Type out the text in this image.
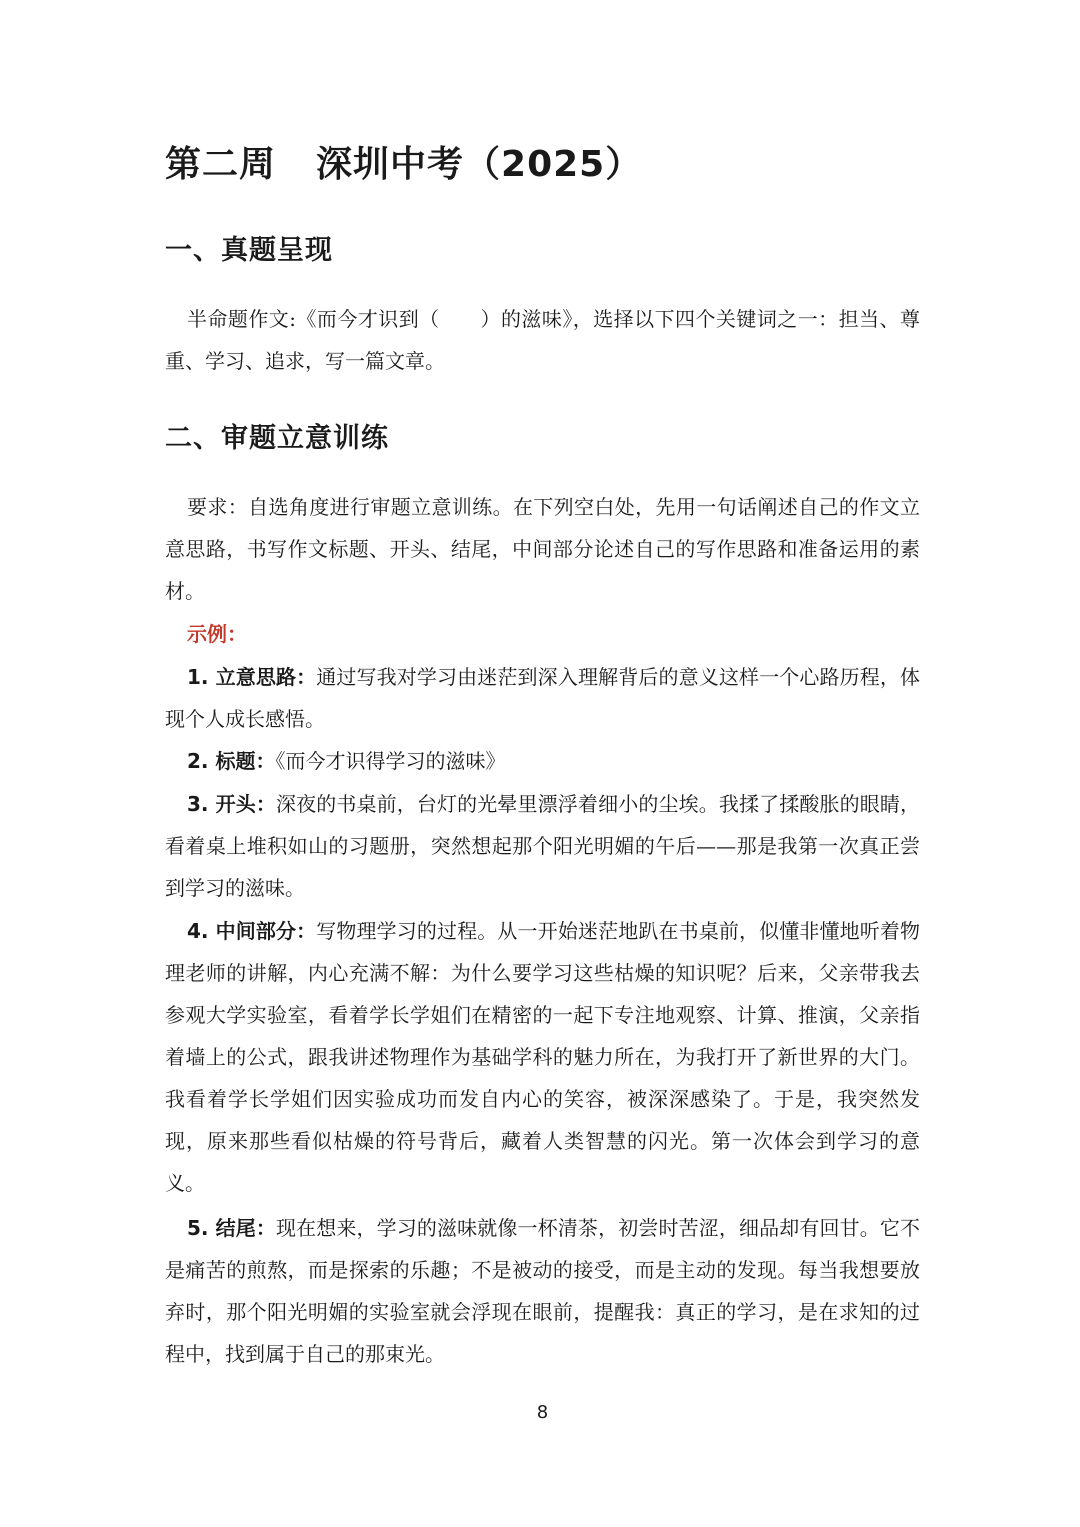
第二周 深圳中考（2025）
一、真题呈现

半命题作文:《而今才识到（　　）的滋味》，选择以下四个关键词之一：担当、尊重、学习、追求，写一篇文章。

二、审题立意训练

要求：自选角度进行审题立意训练。在下列空白处，先用一句话阐述自己的作文立意思路，书写作文标题、开头、结尾，中间部分论述自己的写作思路和准备运用的素材。

示例：

1. 立意思路：通过写我对学习由迷茫到深入理解背后的意义这样一个心路历程，体现个人成长感悟。

2. 标题：《而今才识得学习的滋味》

3. 开头：深夜的书桌前，台灯的光晕里漂浮着细小的尘埃。我揉了揉酸胀的眼睛，看着桌上堆积如山的习题册，突然想起那个阳光明媚的午后——那是我第一次真正尝到学习的滋味。

4. 中间部分：写物理学习的过程。从一开始迷茫地趴在书桌前，似懂非懂地听着物理老师的讲解，内心充满不解：为什么要学习这些枯燥的知识呢？后来，父亲带我去参观大学实验室，看着学长学姐们在精密的一起下专注地观察、计算、推演，父亲指着墙上的公式，跟我讲述物理作为基础学科的魅力所在，为我打开了新世界的大门。我看着学长学姐们因实验成功而发自内心的笑容，被深深感染了。于是，我突然发现，原来那些看似枯燥的符号背后，藏着人类智慧的闪光。第一次体会到学习的意义。

5. 结尾：现在想来，学习的滋味就像一杯清茶，初尝时苦涩，细品却有回甘。它不是痛苦的煎熬，而是探索的乐趣；不是被动的接受，而是主动的发现。每当我想要放弃时，那个阳光明媚的实验室就会浮现在眼前，提醒我：真正的学习，是在求知的过程中，找到属于自己的那束光。

8
